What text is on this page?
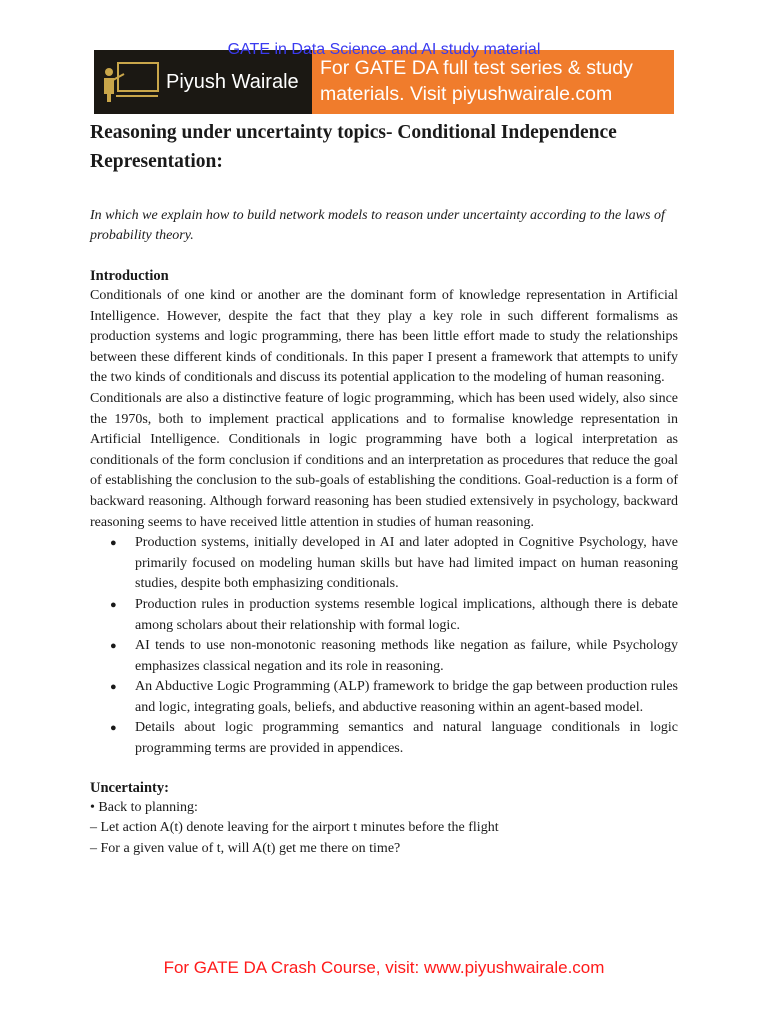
GATE in Data Science and AI study material
Piyush Wairale
For GATE DA full test series & study
materials. Visit piyushwairale.com
Reasoning under uncertainty topics- Conditional Independence Representation:

In which we explain how to build network models to reason under uncertainty according to the laws of probability theory.

Introduction

Conditionals of one kind or another are the dominant form of knowledge representation in Artificial Intelligence. However, despite the fact that they play a key role in such different formalisms as production systems and logic programming, there has been little effort made to study the relationships between these different kinds of conditionals. In this paper I present a framework that attempts to unify the two kinds of conditionals and discuss its potential application to the modeling of human reasoning.

Conditionals are also a distinctive feature of logic programming, which has been used widely, also since the 1970s, both to implement practical applications and to formalise knowledge representation in Artificial Intelligence. Conditionals in logic programming have both a logical interpretation as conditionals of the form conclusion if conditions and an interpretation as procedures that reduce the goal of establishing the conclusion to the sub-goals of establishing the conditions. Goal-reduction is a form of backward reasoning. Although forward reasoning has been studied extensively in psychology, backward reasoning seems to have received little attention in studies of human reasoning.

● Production systems, initially developed in AI and later adopted in Cognitive Psychology, have primarily focused on modeling human skills but have had limited impact on human reasoning studies, despite both emphasizing conditionals.
● Production rules in production systems resemble logical implications, although there is debate among scholars about their relationship with formal logic.
● AI tends to use non-monotonic reasoning methods like negation as failure, while Psychology emphasizes classical negation and its role in reasoning.
● An Abductive Logic Programming (ALP) framework to bridge the gap between production rules and logic, integrating goals, beliefs, and abductive reasoning within an agent-based model.
● Details about logic programming semantics and natural language conditionals in logic programming terms are provided in appendices.
Uncertainty:

• Back to planning:

– Let action A(t) denote leaving for the airport t minutes before the flight

– For a given value of t, will A(t) get me there on time?

For GATE DA Crash Course, visit: www.piyushwairale.com
